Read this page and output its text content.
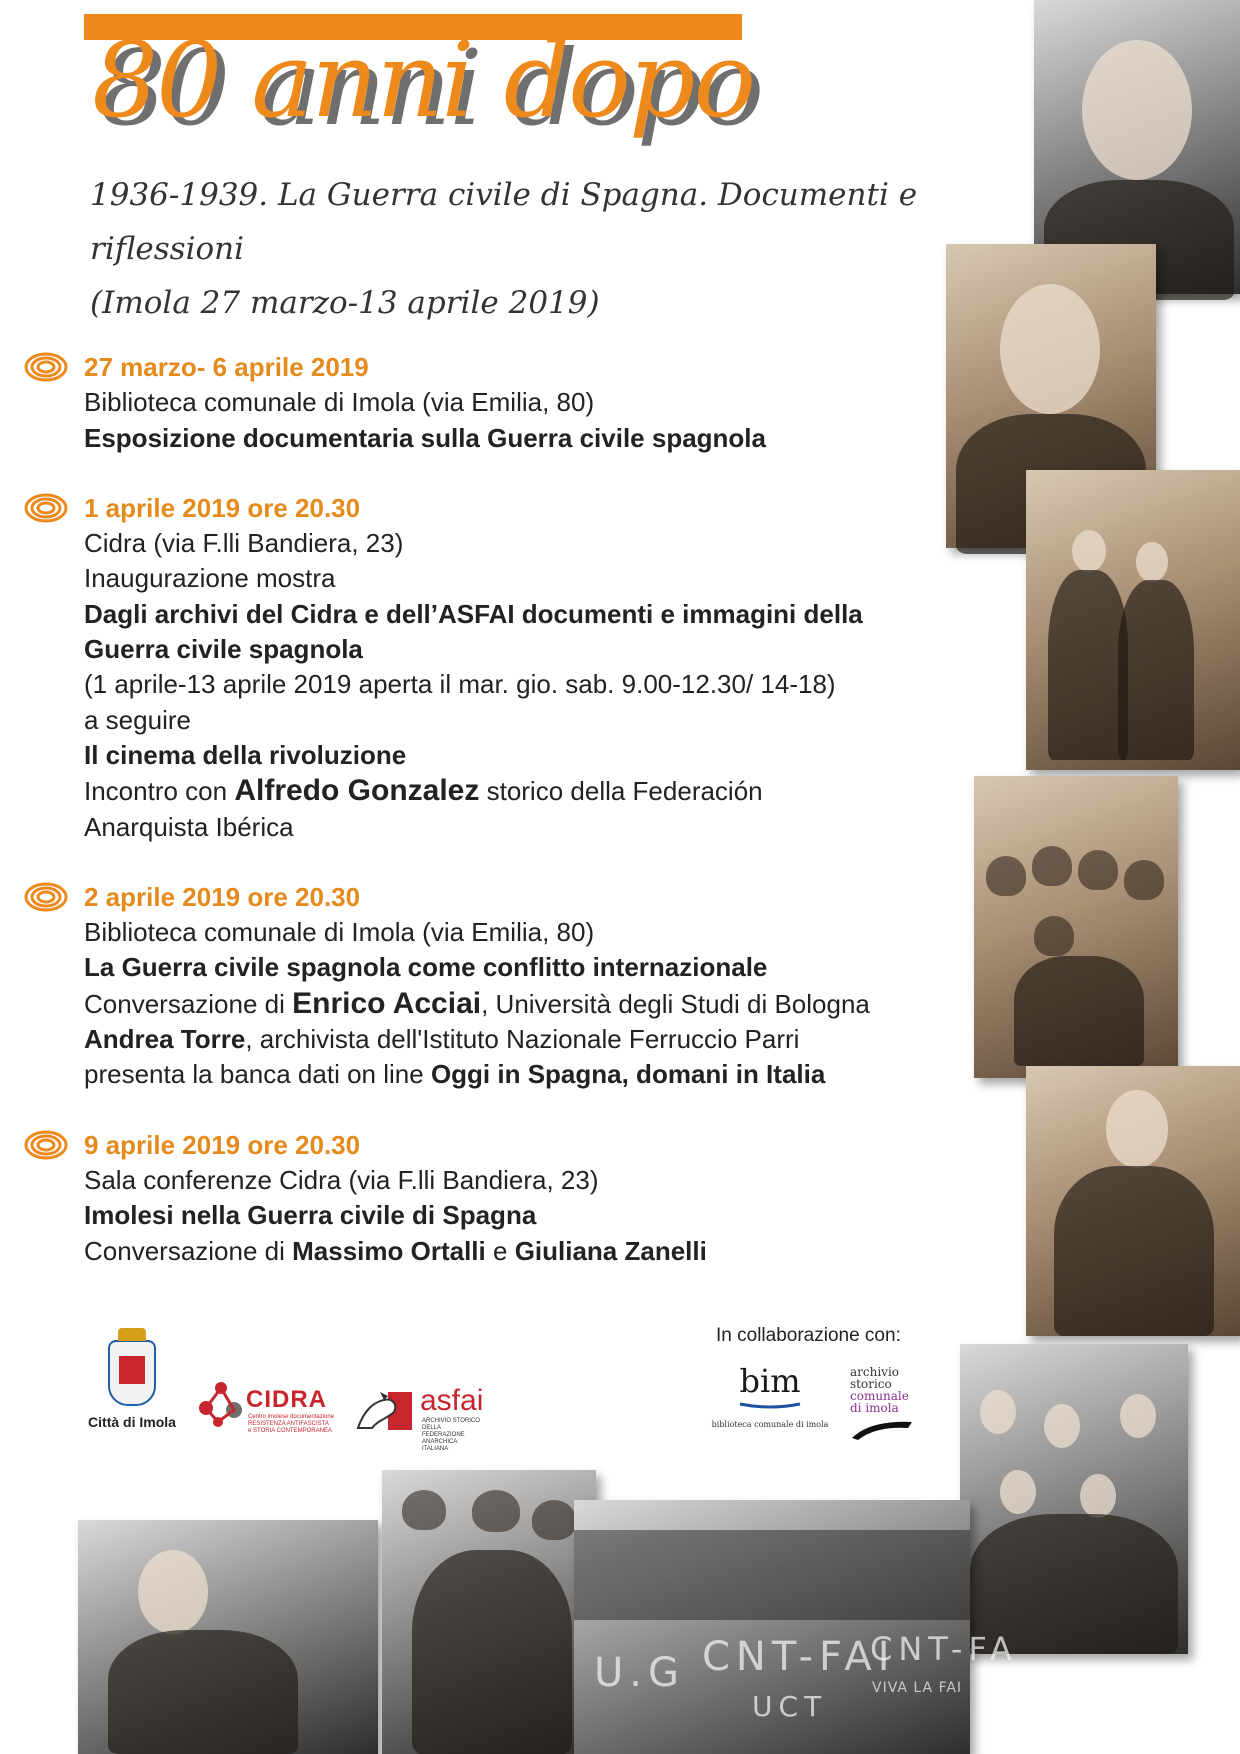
80 anni dopo

1936-1939. La Guerra civile di Spagna. Documenti e riflessioni
(Imola 27 marzo-13 aprile 2019)

27 marzo- 6 aprile 2019
Biblioteca comunale di Imola (via Emilia, 80)
Esposizione documentaria sulla Guerra civile spagnola
1 aprile 2019 ore 20.30
Cidra (via F.lli Bandiera, 23)
Inaugurazione mostra
Dagli archivi del Cidra e dell’ASFAI documenti e immagini della
Guerra civile spagnola
(1 aprile-13 aprile 2019 aperta il mar. gio. sab. 9.00-12.30/ 14-18)
a seguire
Il cinema della rivoluzione
Incontro con Alfredo Gonzalez storico della Federación
Anarquista Ibérica
2 aprile 2019 ore 20.30
Biblioteca comunale di Imola (via Emilia, 80)
La Guerra civile spagnola come conflitto internazionale
Conversazione di Enrico Acciai, Università degli Studi di Bologna
Andrea Torre, archivista dell'Istituto Nazionale Ferruccio Parri
presenta la banca dati on line Oggi in Spagna, domani in Italia
9 aprile 2019 ore 20.30
Sala conferenze Cidra (via F.lli Bandiera, 23)
Imolesi nella Guerra civile di Spagna
Conversazione di Massimo Ortalli e Giuliana Zanelli
Città di Imola
CIDRA
Centro imolese documentazione
RESISTENZA ANTIFASCISTA
e STORIA CONTEMPORANEA
asfai
ARCHIVIO STORICO
DELLA FEDERAZIONE
ANARCHICA ITALIANA
In collaborazione con:
bim
biblioteca comunale di imola
archivio
storico
comunale
di imola
U.G CNT-FAI
CNT-FA
UCT
VIVA LA FAI
